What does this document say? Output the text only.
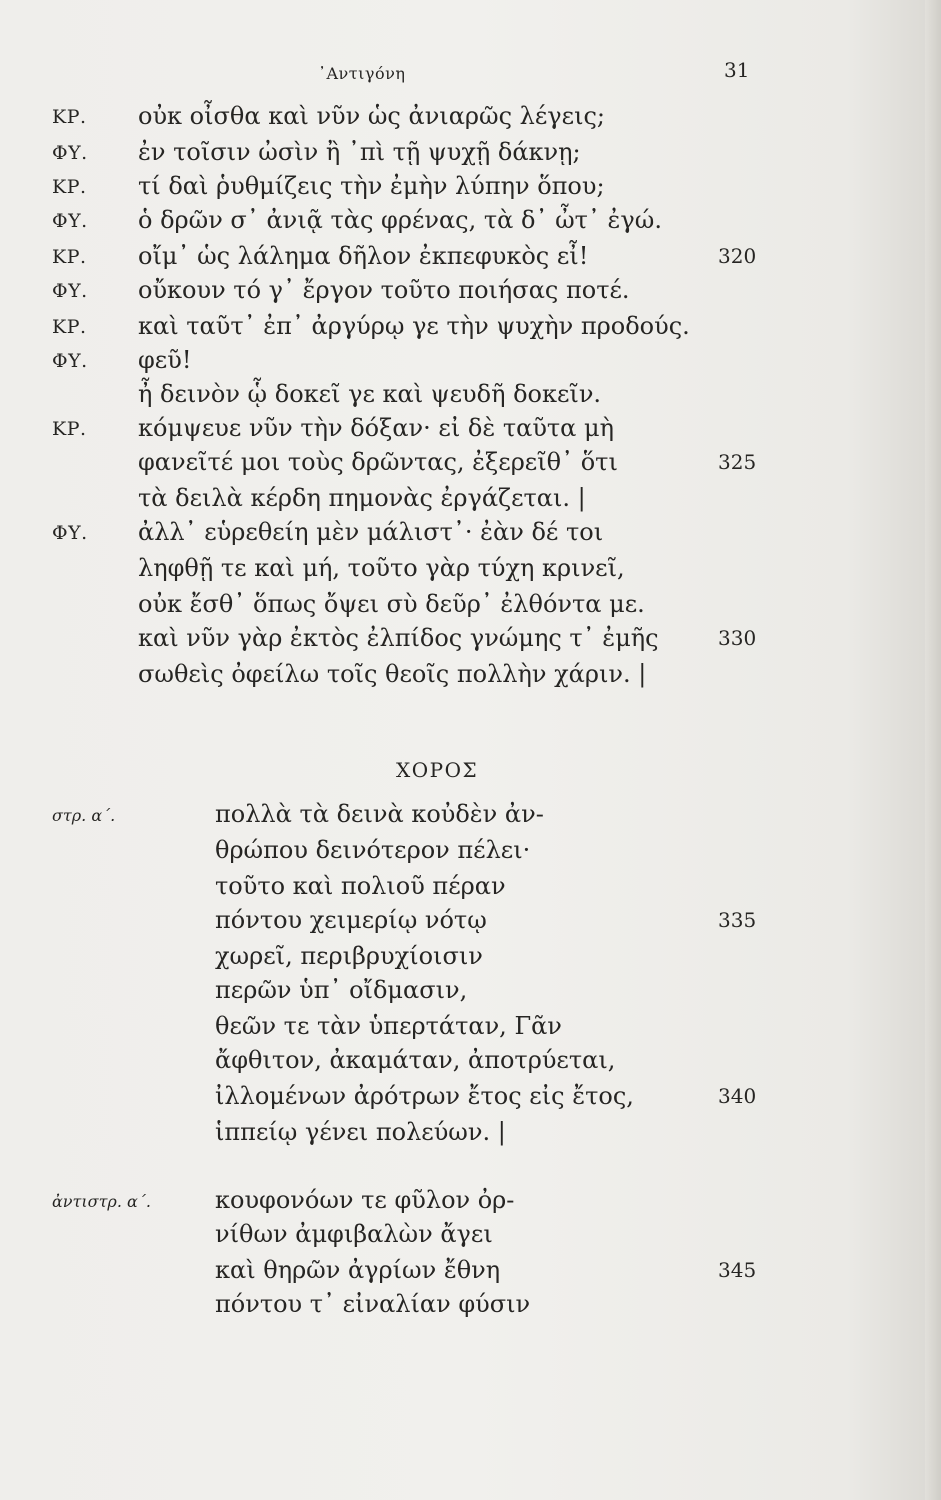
᾿Αντιγόνη	31
ΚΡ. οὐκ οἶσθα καὶ νῦν ὡς ἀνιαρῶς λέγεις;
ΦΥ. ἐν τοῖσιν ὠσὶν ἢ ᾽πὶ τῇ ψυχῇ δάκνῃ;
ΚΡ. τί δαὶ ῥυθμίζεις τὴν ἐμὴν λύπην ὅπου;
ΦΥ. ὁ δρῶν σ᾽ ἀνιᾷ τὰς φρένας, τὰ δ᾽ ὦτ᾽ ἐγώ.
ΚΡ. οἴμ᾽ ὡς λάλημα δῆλον ἐκπεφυκὸς εἶ!	320
ΦΥ. οὔκουν τό γ᾽ ἔργον τοῦτο ποιήσας ποτέ.
ΚΡ. καὶ ταῦτ᾽ ἐπ᾽ ἀργύρῳ γε τὴν ψυχὴν προδούς.
ΦΥ. φεῦ!
ἦ δεινὸν ᾧ δοκεῖ γε καὶ ψευδῆ δοκεῖν.
ΚΡ. κόμψευε νῦν τὴν δόξαν· εἰ δὲ ταῦτα μὴ
φανεῖτέ μοι τοὺς δρῶντας, ἐξερεῖθ᾽ ὅτι	325
τὰ δειλὰ κέρδη πημονὰς ἐργάζεται. |
ΦΥ. ἀλλ᾽ εὑρεθείη μὲν μάλιστ᾽· ἐὰν δέ τοι
ληφθῇ τε καὶ μή, τοῦτο γὰρ τύχη κρινεῖ,
οὐκ ἔσθ᾽ ὅπως ὄψει σὺ δεῦρ᾽ ἐλθόντα με.
καὶ νῦν γὰρ ἐκτὸς ἐλπίδος γνώμης τ᾽ ἐμῆς	330
σωθεὶς ὀφείλω τοῖς θεοῖς πολλὴν χάριν. |
ΧΟΡΟΣ
στρ. α΄.	πολλὰ τὰ δεινὰ κοὐδὲν ἀν-
θρώπου δεινότερον πέλει·
τοῦτο καὶ πολιοῦ πέραν
πόντου χειμερίῳ νότῳ	335
χωρεῖ, περιβρυχίοισιν
περῶν ὑπ᾽ οἴδμασιν,
θεῶν τε τὰν ὑπερτάταν, Γᾶν
ἄφθιτον, ἀκαμάταν, ἀποτρύεται,
ἰλλομένων ἀρότρων ἔτος εἰς ἔτος,	340
ἱππείῳ γένει πολεύων. |
ἀντιστρ. α΄.	κουφονόων τε φῦλον ὀρ-
νίθων ἀμφιβαλὼν ἄγει
καὶ θηρῶν ἀγρίων ἔθνη	345
πόντου τ᾽ εἰναλίαν φύσιν
